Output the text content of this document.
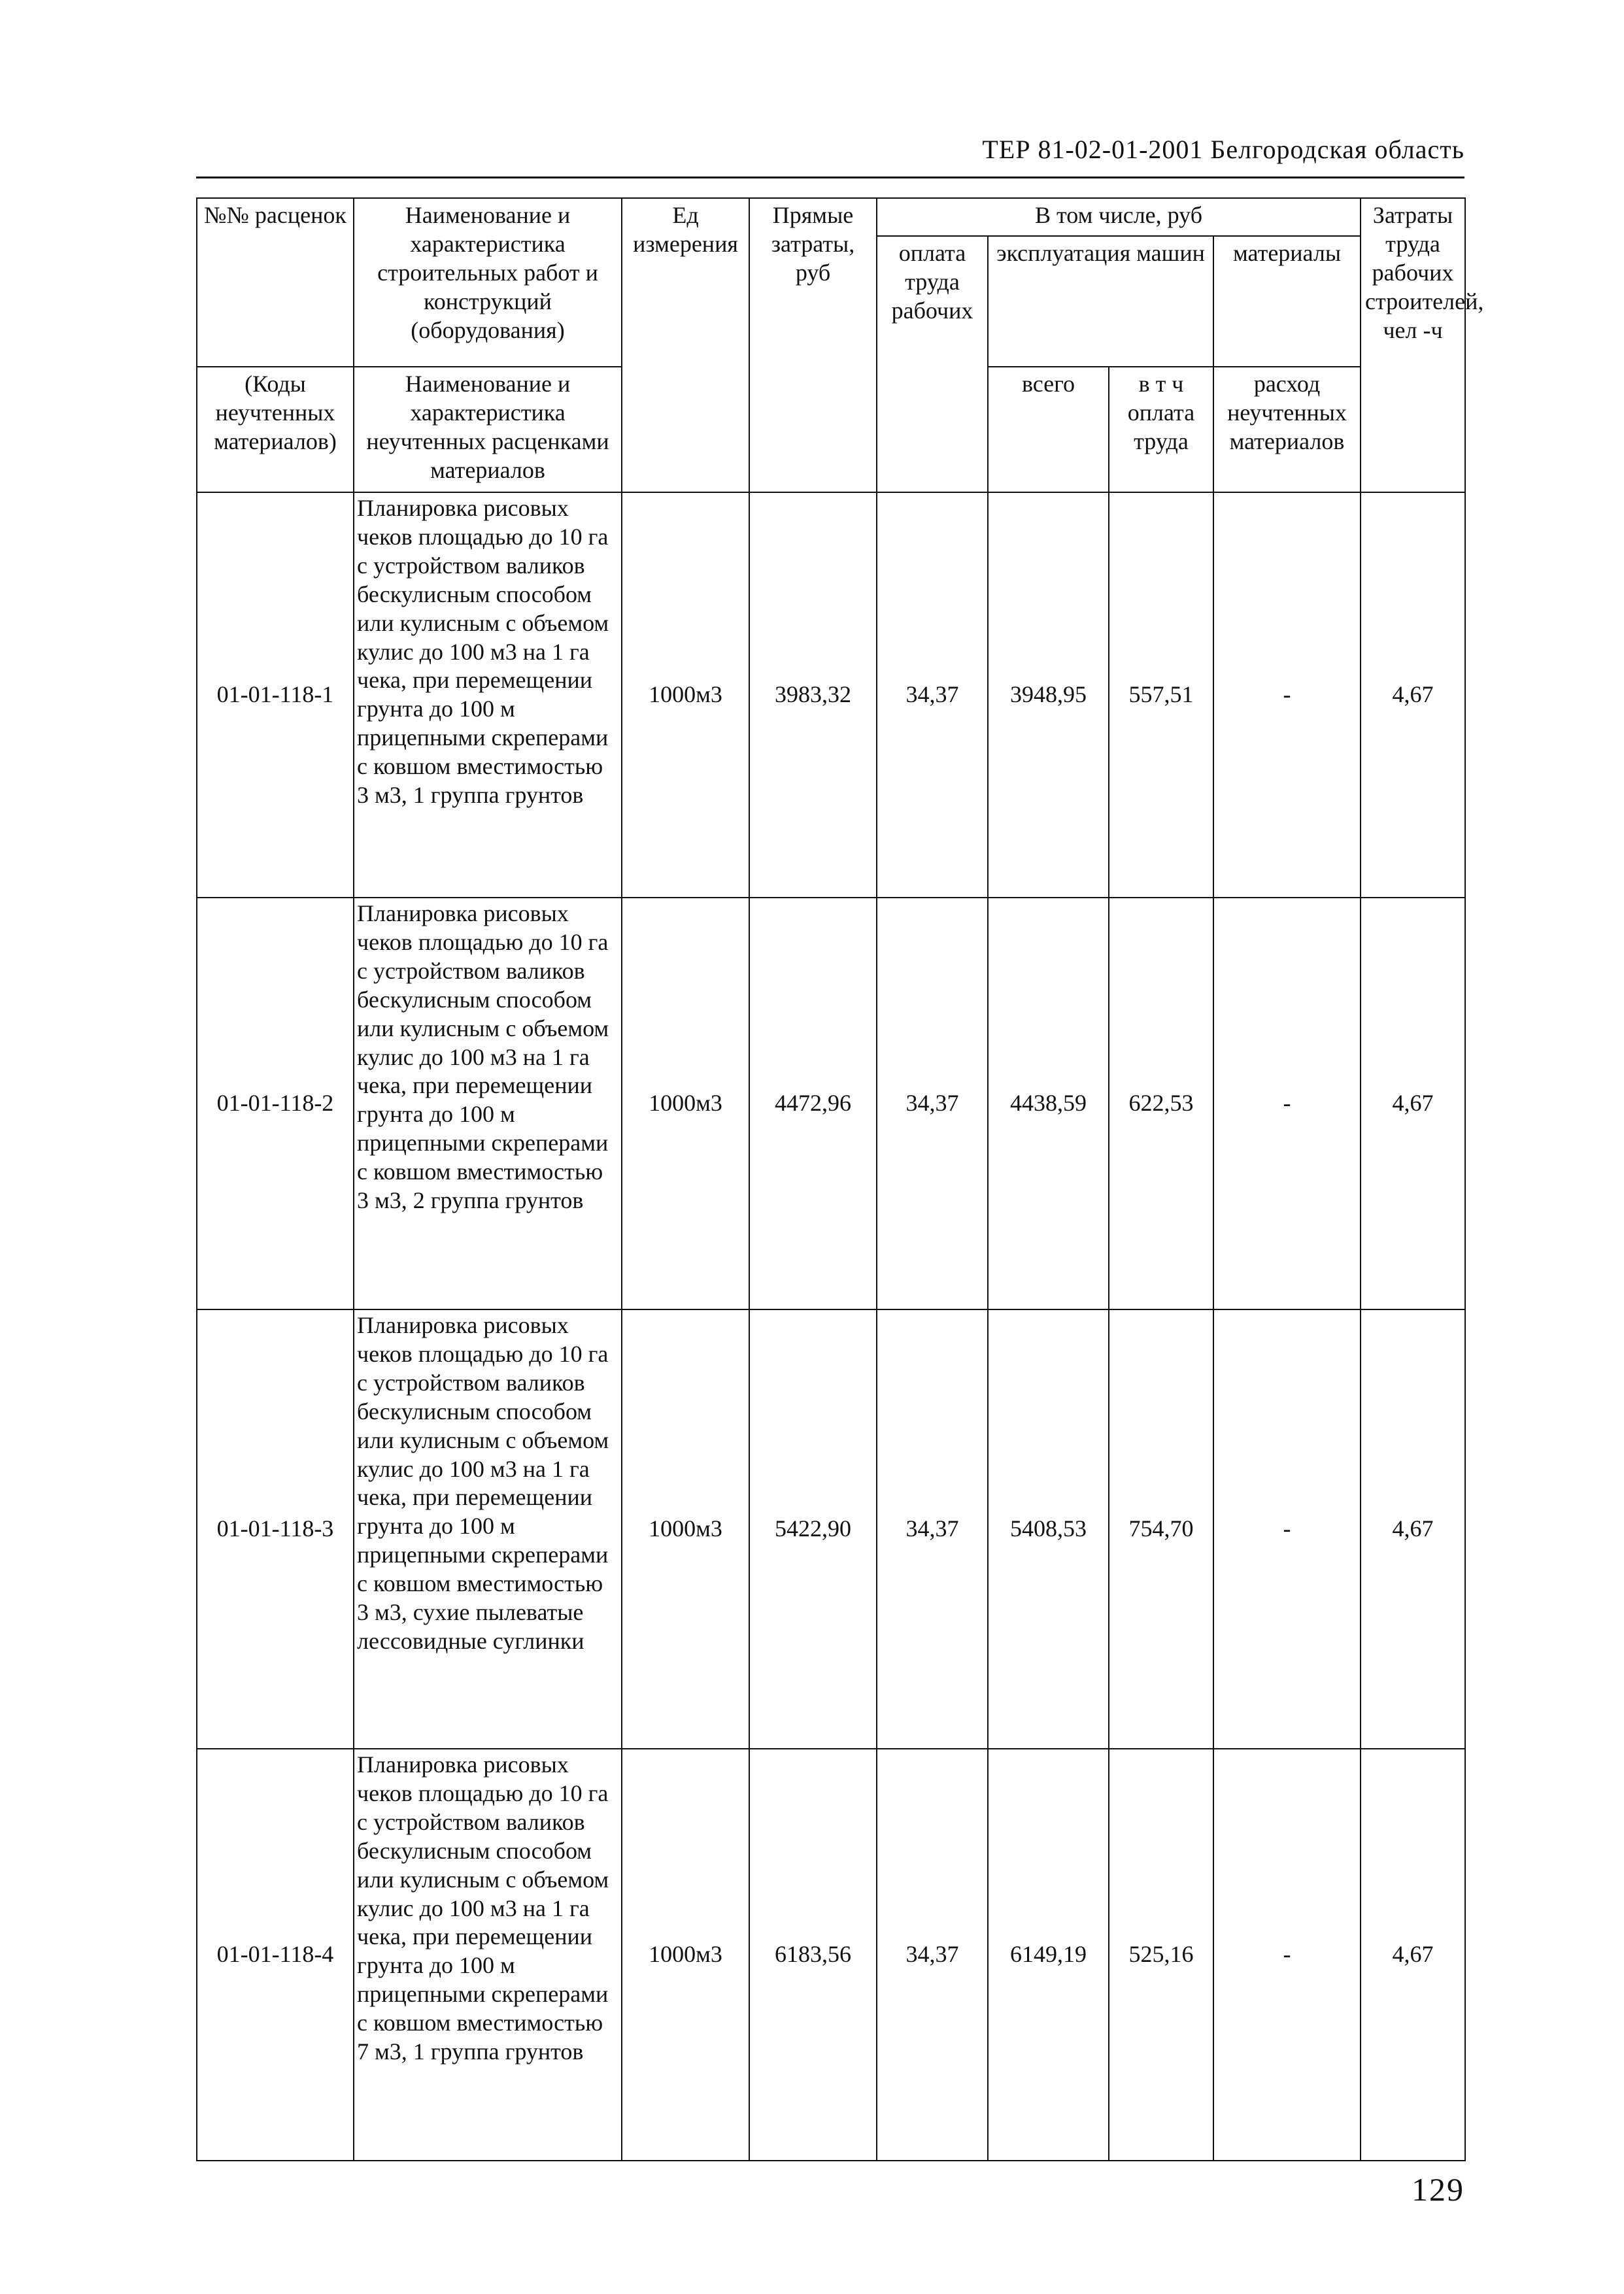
ТЕР 81-02-01-2001 Белгородская область
№№ расценок	Наименование и характеристика строительных работ и конструкций (оборудования)	Ед измерения	Прямые затраты, руб	В том числе, руб				Затраты труда рабочих строителей, чел -ч
				оплата труда рабочих	эксплуатация машин		материалы	
(Коды неучтенных материалов)	Наименование и характеристика неучтенных расценками материалов				всего	в т ч оплата труда	расход неучтенных материалов	

01-01-118-1	Планировка рисовых чеков площадью до 10 га с устройством валиков бескулисным способом или кулисным с объемом кулис до 100 м3 на 1 га чека, при перемещении грунта до 100 м прицепными скреперами с ковшом вместимостью 3 м3, 1 группа грунтов	1000м3	3983,32	34,37	3948,95	557,51	-	4,67
01-01-118-2	Планировка рисовых чеков площадью до 10 га с устройством валиков бескулисным способом или кулисным с объемом кулис до 100 м3 на 1 га чека, при перемещении грунта до 100 м прицепными скреперами с ковшом вместимостью 3 м3, 2 группа грунтов	1000м3	4472,96	34,37	4438,59	622,53	-	4,67
01-01-118-3	Планировка рисовых чеков площадью до 10 га с устройством валиков бескулисным способом или кулисным с объемом кулис до 100 м3 на 1 га чека, при перемещении грунта до 100 м прицепными скреперами с ковшом вместимостью 3 м3, сухие пылеватые лессовидные суглинки	1000м3	5422,90	34,37	5408,53	754,70	-	4,67
01-01-118-4	Планировка рисовых чеков площадью до 10 га с устройством валиков бескулисным способом или кулисным с объемом кулис до 100 м3 на 1 га чека, при перемещении грунта до 100 м прицепными скреперами с ковшом вместимостью 7 м3, 1 группа грунтов	1000м3	6183,56	34,37	6149,19	525,16	-	4,67
129
